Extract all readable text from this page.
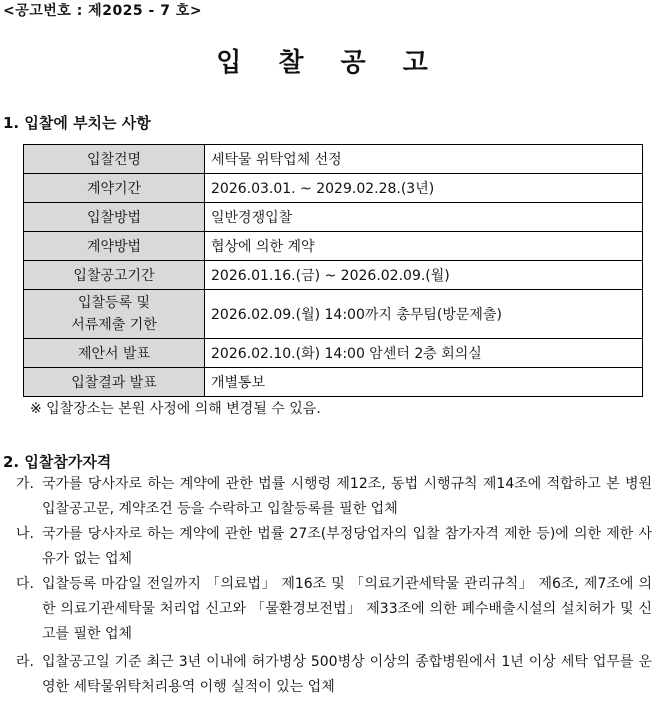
<공고번호 : 제2025 - 7 호>
입 찰 공 고
1. 입찰에 부치는 사항
입찰건명	세탁물 위탁업체 선정
계약기간	2026.03.01. ~ 2029.02.28.(3년)
입찰방법	일반경쟁입찰
계약방법	협상에 의한 계약
입찰공고기간	2026.01.16.(금) ~ 2026.02.09.(월)

입찰등록 및
서류제출 기한	2026.02.09.(월) 14:00까지 총무팀(방문제출)
제안서 발표	2026.02.10.(화) 14:00 암센터 2층 회의실
입찰결과 발표	개별통보
※ 입찰장소는 본원 사정에 의해 변경될 수 있음.
2. 입찰참가자격
가. 국가를 당사자로 하는 계약에 관한 법률 시행령 제12조, 동법 시행규칙 제14조에 적합하고 본 병원 입찰공고문, 계약조건 등을 수락하고 입찰등록를 필한 업체
나. 국가를 당사자로 하는 계약에 관한 법률 27조(부정당업자의 입찰 참가자격 제한 등)에 의한 제한 사유가 없는 업체
다. 입찰등록 마감일 전일까지 「의료법」 제16조 및 「의료기관세탁물 관리규칙」 제6조, 제7조에 의한 의료기관세탁물 처리업 신고와 「물환경보전법」 제33조에 의한 폐수배출시설의 설치허가 및 신고를 필한 업체
라. 입찰공고일 기준 최근 3년 이내에 허가병상 500병상 이상의 종합병원에서 1년 이상 세탁 업무를 운영한 세탁물위탁처리용역 이행 실적이 있는 업체
